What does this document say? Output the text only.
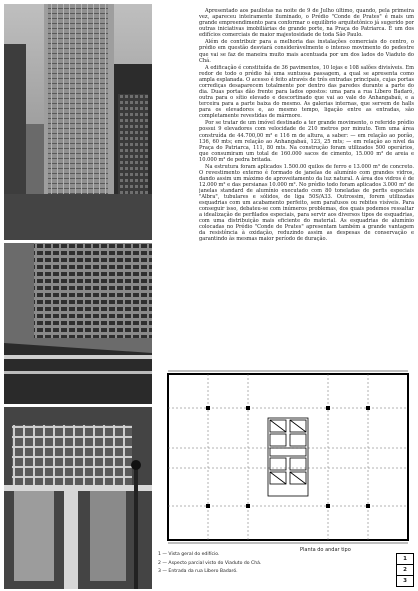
Apresentado aos paulistas na noite de 9 de Julho último, quando, pela primeira vez, apareceu inteiramente iluminado, o Prédio "Conde de Prates" é mais um grande empreendimento para conformar o equilíbrio arquitetônico já sugerido por outras iniciativas imobiliárias de grande porte, na Praça do Patriarca. É um dos edifícios comerciais de maior majestosidade de toda São Paulo.

Além de contribuir para a melhoria das instalações comerciais do centro, o prédio em questão desviará consideràvelmente o intenso movimento do pedestre que vai se faz de maneira muito mais acentuada por um dos lados do Viaduto do Chá.

A edificação é constituída de 36 pavimentos, 10 lojas e 108 salões divisíveis. Em redor de todo o prédio há uma suntuosa passagem, a qual se apresenta como ampla esplanada. O acesso é feito através de três entradas principais, cujas portas corrediças desaparecem totalmente por dentro das paredes durante a parte do dia. Duas portas dão frente para lados opostos: uma para a rua Líbero Badaró, outra para o sítio elevado e descortinado que vai ao vale do Anhangabaú, e a terceira para a parte baixa do mesmo. As galerias internas, que servem de halls para os elevadores e, ao mesmo tempo, ligação entre as entradas, são completamente revestidas de mármore.

Por se tratar de um imóvel destinado a ter grande movimento, o referido prédio possui 9 elevadores com velocidade de 210 metros por minuto. Tem uma área construída de 44.700,00 m² e 116 m de altura, a saber: — em relação ao porão, 136, 60 mts; em relação ao Anhangabaú, 123, 25 mts; — em relação ao nível da Praça do Patriarca, 111, 80 mts. Na construção foram utilizados 500 operários, que consumiram um total de 160.000 sacos de cimento, 15.000 m³ de areia e 10.000 m³ de pedra britada.

Na estrutura foram aplicados 1.500.00 quilos de ferro e 13.000 m³ de concreto. O revestimento externo é formado de janelas de alumínio com grandes vidros, dando assim um máximo de aproveitamento da luz natural. A área dos vidros é de 12.000 m² e das persianas 10.000 m². No prédio todo foram aplicados 3.000 m² de janelas standard de alumínio executado com 80 toneladas de perfis especiais "Albra", tubulares e sólidos, de liga 50S/A33. Outrossim, forem utilizadas esquadrias com um acabamento perfeito, sem parafusos ou rebites visíveis. Para conseguir isso, debateu-se com inúmeros problemas, dos quais podemos ressaltar a idealização de perfilados especiais, para servir aos diversos tipos de esquadrias, com uma distribuição mais eficiente do material. As esquadrias de alumínio colocadas no Prédio "Conde de Prates" apresentam também a grande vantagem da resistência à oxidação, reduzindo assim as despesas de conservação e garantindo às mesmas maior período de duração.

Planta do andar tipo
1 — Vista geral do edifício.
2 — Aspecto parcial visto do Viaduto do Chá.
3 — Entrada da rua Líbero Badaró.
1
2
3
